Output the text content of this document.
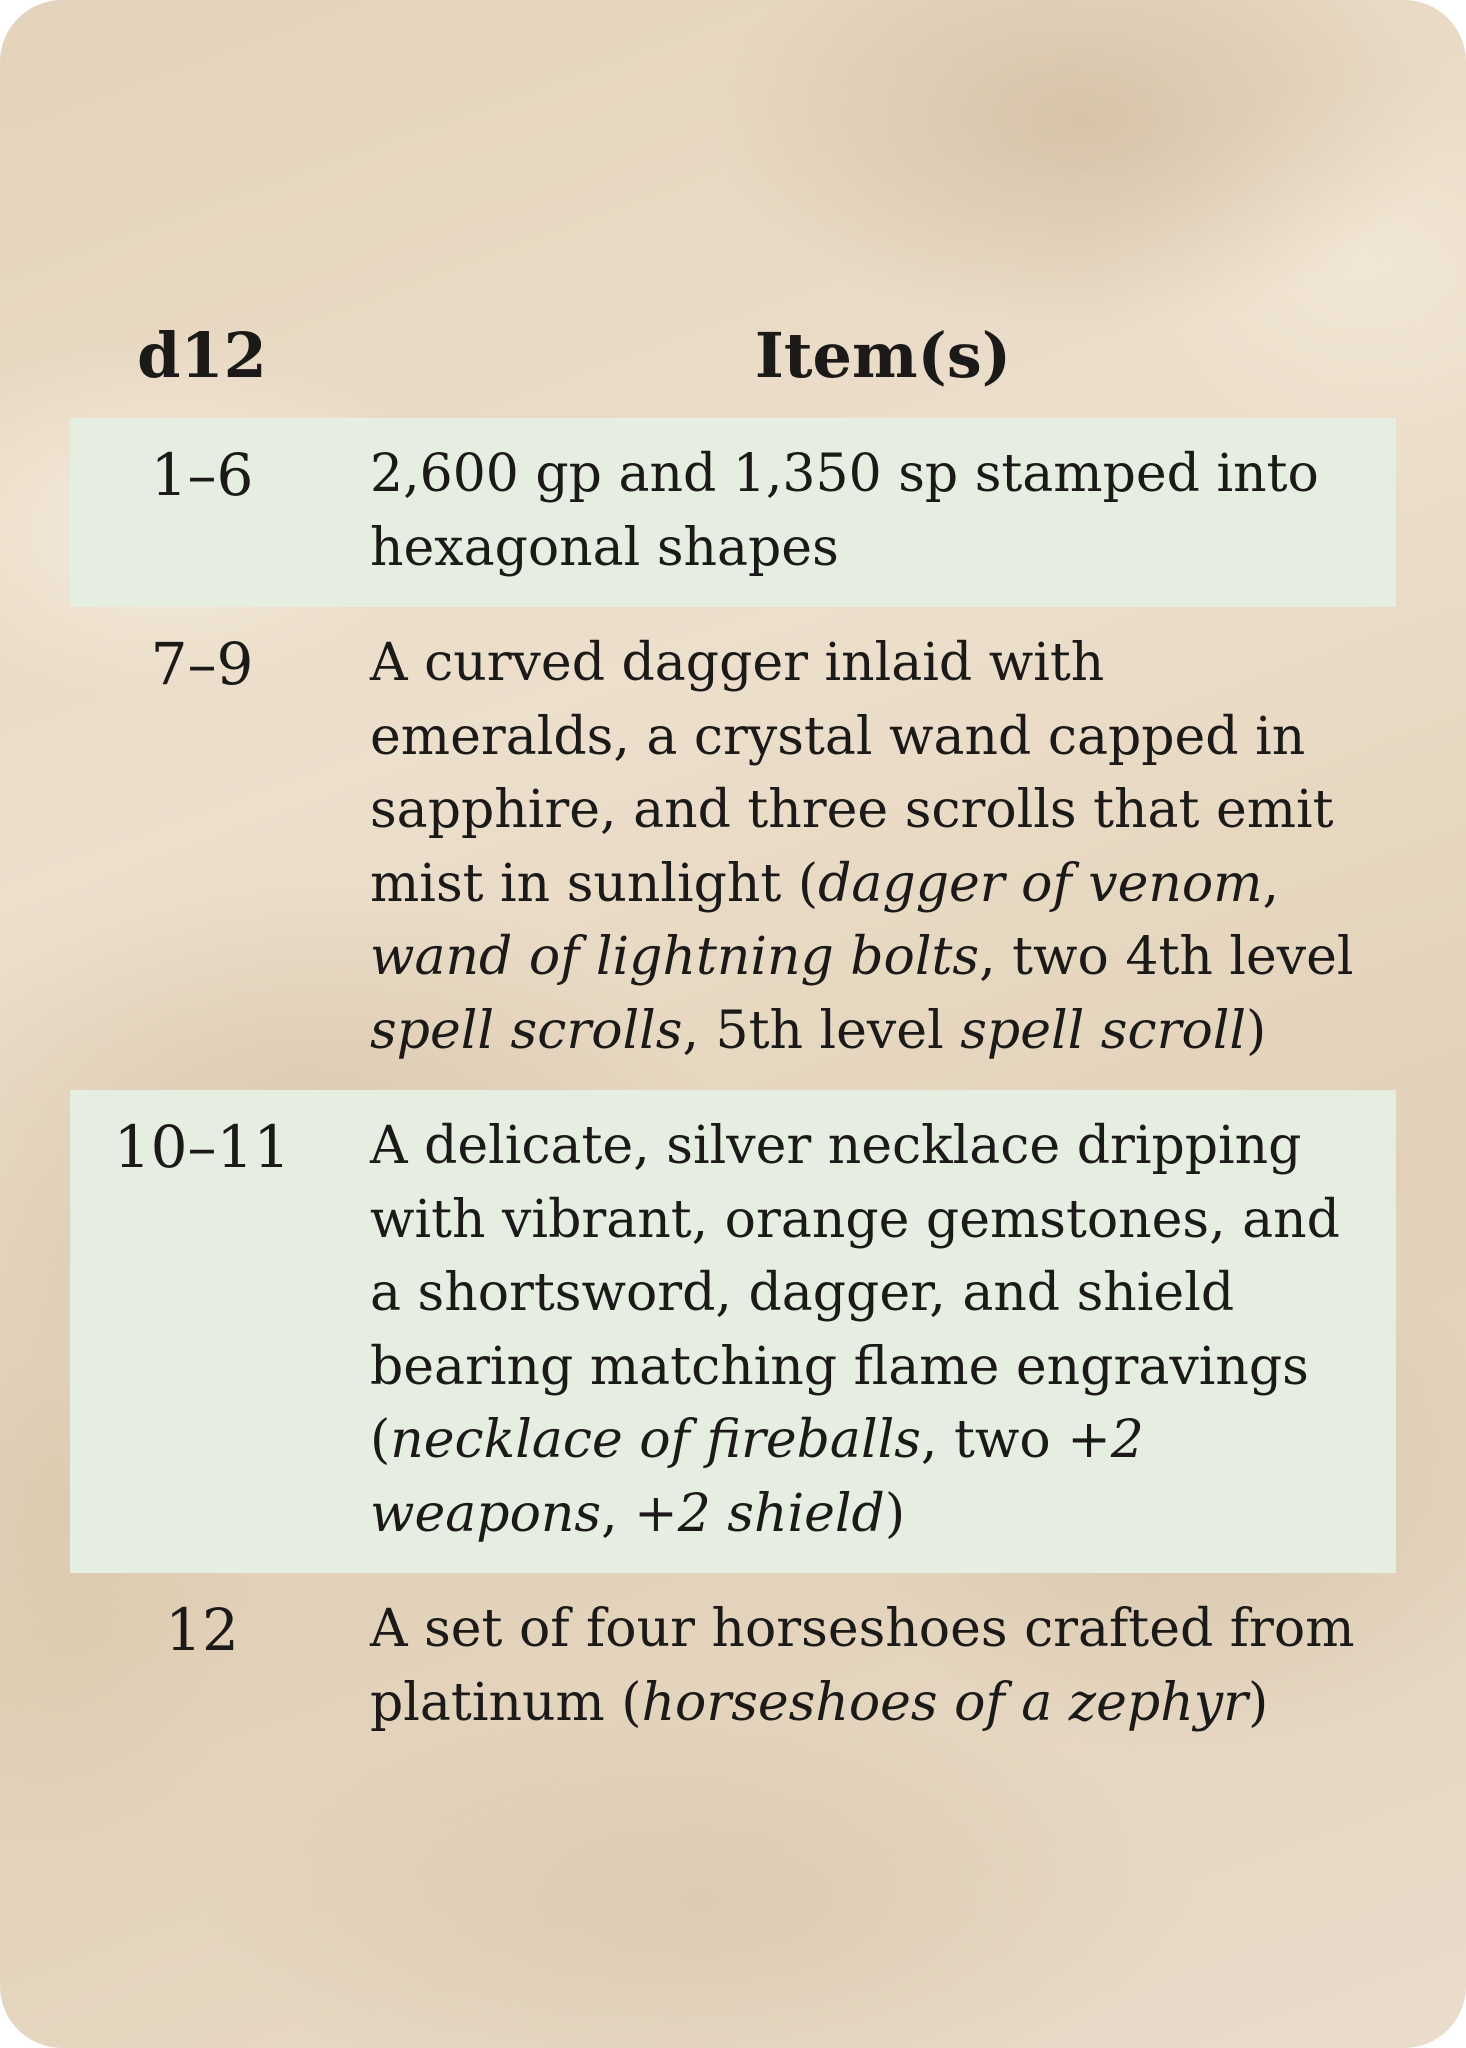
d12	Item(s)
1–6	2,600 gp and 1,350 sp stamped into hexagonal shapes
7–9	A curved dagger inlaid with emeralds, a crystal wand capped in sapphire, and three scrolls that emit mist in sunlight (dagger of venom, wand of lightning bolts, two 4th level spell scrolls, 5th level spell scroll)
10–11	A delicate, silver necklace dripping with vibrant, orange gemstones, and a shortsword, dagger, and shield bearing matching flame engravings (necklace of fireballs, two +2 weapons, +2 shield)
12	A set of four horseshoes crafted from platinum (horseshoes of a zephyr)
